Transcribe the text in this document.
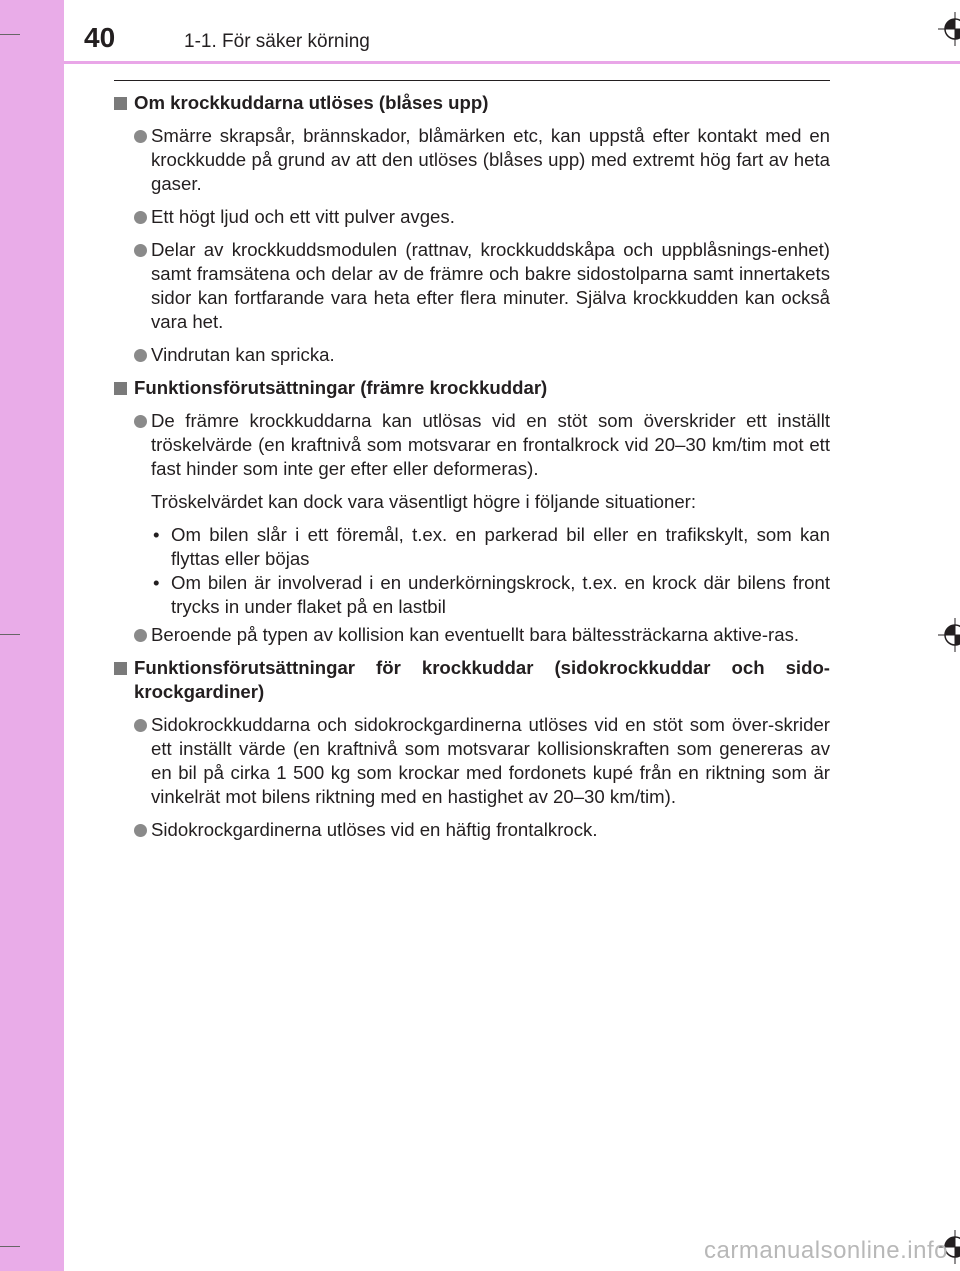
40	1-1. För säker körning
Om krockkuddarna utlöses (blåses upp)
Smärre skrapsår, brännskador, blåmärken etc, kan uppstå efter kontakt med en krockkudde på grund av att den utlöses (blåses upp) med extremt hög fart av heta gaser.
Ett högt ljud och ett vitt pulver avges.
Delar av krockkuddsmodulen (rattnav, krockkuddskåpa och uppblåsnings-enhet) samt framsätena och delar av de främre och bakre sidostolparna samt innertakets sidor kan fortfarande vara heta efter flera minuter. Själva krockkudden kan också vara het.
Vindrutan kan spricka.
Funktionsförutsättningar (främre krockkuddar)
De främre krockkuddarna kan utlösas vid en stöt som överskrider ett inställt tröskelvärde (en kraftnivå som motsvarar en frontalkrock vid 20–30 km/tim mot ett fast hinder som inte ger efter eller deformeras).
Tröskelvärdet kan dock vara väsentligt högre i följande situationer:
• Om bilen slår i ett föremål, t.ex. en parkerad bil eller en trafikskylt, som kan flyttas eller böjas
• Om bilen är involverad i en underkörningskrock, t.ex. en krock där bilens front trycks in under flaket på en lastbil
Beroende på typen av kollision kan eventuellt bara bältessträckarna aktive-ras.
Funktionsförutsättningar för krockkuddar (sidokrockkuddar och sido-krockgardiner)
Sidokrockkuddarna och sidokrockgardinerna utlöses vid en stöt som över-skrider ett inställt värde (en kraftnivå som motsvarar kollisionskraften som genereras av en bil på cirka 1 500 kg som krockar med fordonets kupé från en riktning som är vinkelrät mot bilens riktning med en hastighet av 20–30 km/tim).
Sidokrockgardinerna utlöses vid en häftig frontalkrock.
carmanualsonline.info
